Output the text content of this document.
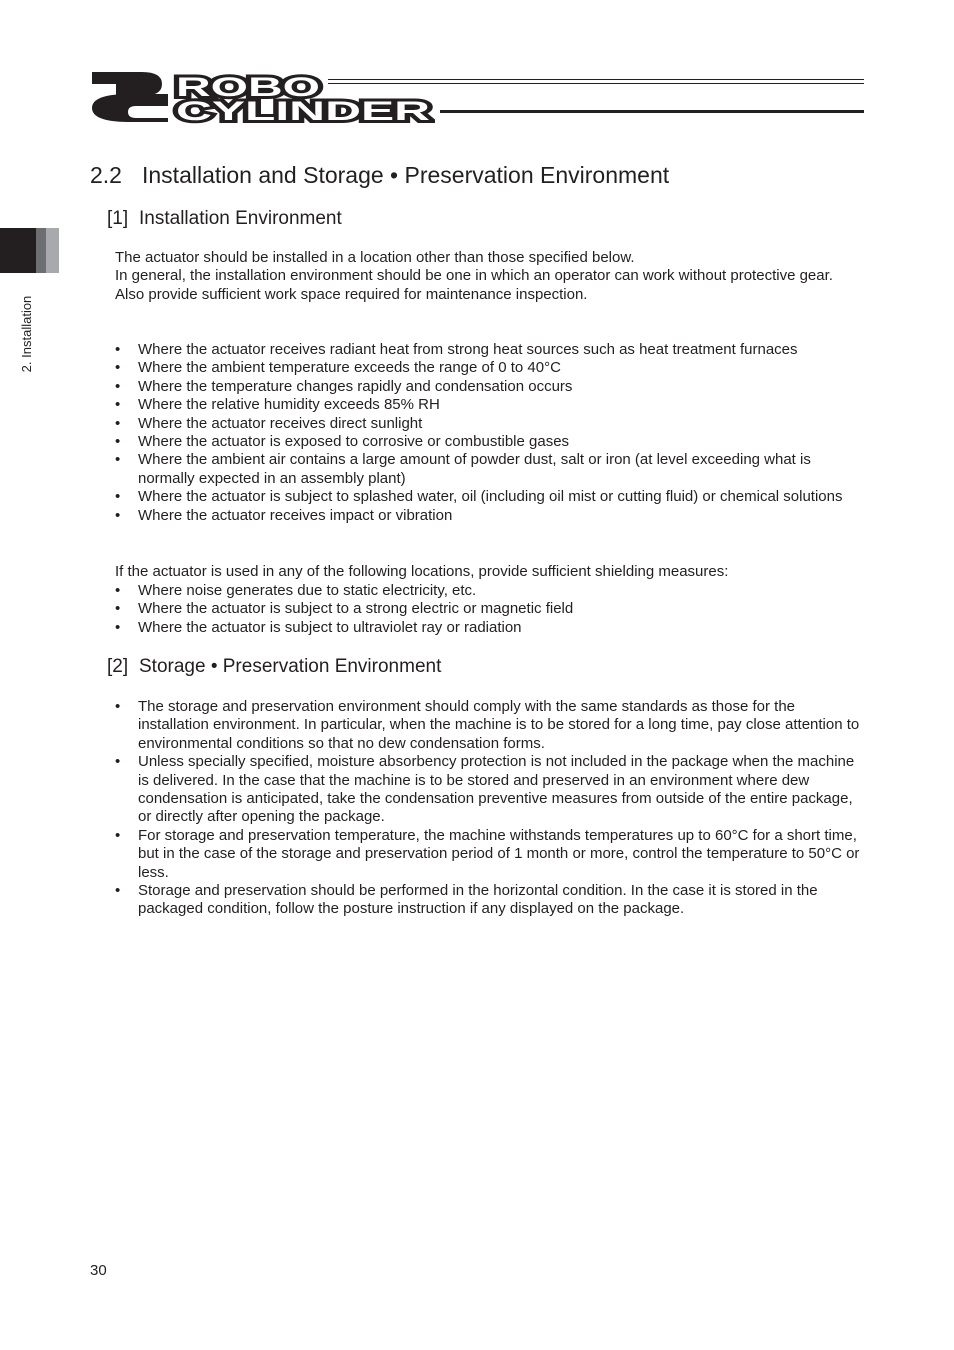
ROBO
CYLINDER
2. Installation
2.2 Installation and Storage • Preservation Environment
[1] Installation Environment
The actuator should be installed in a location other than those specified below.
In general, the installation environment should be one in which an operator can work without protective gear.
Also provide sufficient work space required for maintenance inspection.
• Where the actuator receives radiant heat from strong heat sources such as heat treatment furnaces
• Where the ambient temperature exceeds the range of 0 to 40°C
• Where the temperature changes rapidly and condensation occurs
• Where the relative humidity exceeds 85% RH
• Where the actuator receives direct sunlight
• Where the actuator is exposed to corrosive or combustible gases
• Where the ambient air contains a large amount of powder dust, salt or iron (at level exceeding what is normally expected in an assembly plant)
• Where the actuator is subject to splashed water, oil (including oil mist or cutting fluid) or chemical solutions
• Where the actuator receives impact or vibration
If the actuator is used in any of the following locations, provide sufficient shielding measures:
• Where noise generates due to static electricity, etc.
• Where the actuator is subject to a strong electric or magnetic field
• Where the actuator is subject to ultraviolet ray or radiation
[2] Storage • Preservation Environment
• The storage and preservation environment should comply with the same standards as those for the installation environment. In particular, when the machine is to be stored for a long time, pay close attention to environmental conditions so that no dew condensation forms.
• Unless specially specified, moisture absorbency protection is not included in the package when the machine is delivered. In the case that the machine is to be stored and preserved in an environment where dew condensation is anticipated, take the condensation preventive measures from outside of the entire package, or directly after opening the package.
• For storage and preservation temperature, the machine withstands temperatures up to 60°C for a short time, but in the case of the storage and preservation period of 1 month or more, control the temperature to 50°C or less.
• Storage and preservation should be performed in the horizontal condition. In the case it is stored in the packaged condition, follow the posture instruction if any displayed on the package.
30
